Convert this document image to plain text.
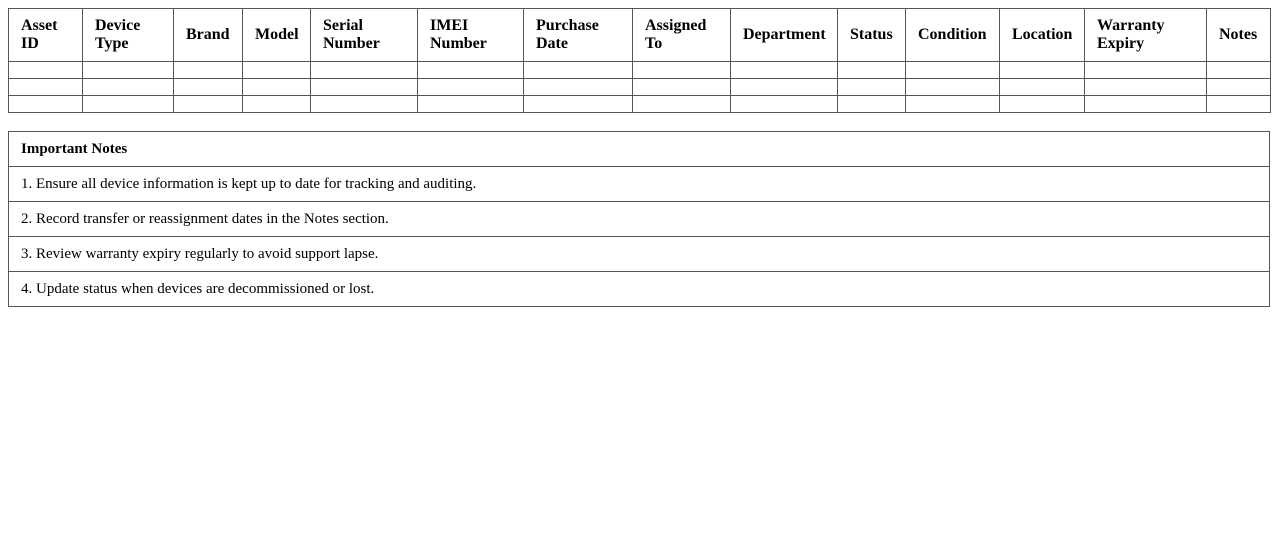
Asset ID	Device Type	Brand	Model	Serial Number	IMEI Number	Purchase Date	Assigned To	Department	Status	Condition	Location	Warranty Expiry	Notes

Important Notes
1. Ensure all device information is kept up to date for tracking and auditing.
2. Record transfer or reassignment dates in the Notes section.
3. Review warranty expiry regularly to avoid support lapse.
4. Update status when devices are decommissioned or lost.
